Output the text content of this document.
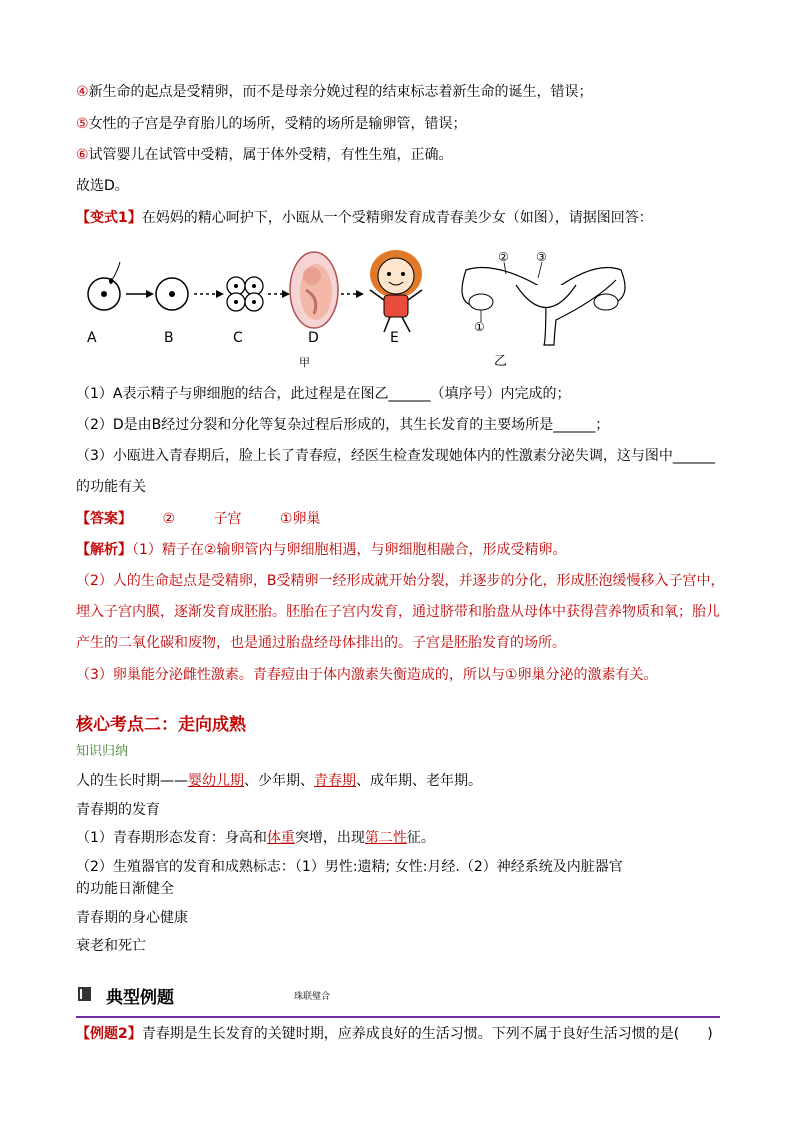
④新生命的起点是受精卵，而不是母亲分娩过程的结束标志着新生命的诞生，错误；
⑤女性的子宫是孕育胎儿的场所，受精的场所是输卵管，错误；
⑥试管婴儿在试管中受精，属于体外受精，有性生殖，正确。
故选D。
【变式1】在妈妈的精心呵护下，小瓯从一个受精卵发育成青春美少女（如图），请据图回答：
A	B	C	D	E
甲	乙
①
② ③
（1）A表示精子与卵细胞的结合，此过程是在图乙______（填序号）内完成的；
（2）D是由B经过分裂和分化等复杂过程后形成的，其生长发育的主要场所是______；
（3）小瓯进入青春期后，脸上长了青春痘，经医生检查发现她体内的性激素分泌失调，这与图中______
的功能有关
【答案】 ②	子宫	①卵巢
【解析】（1）精子在②输卵管内与卵细胞相遇，与卵细胞相融合，形成受精卵。
（2）人的生命起点是受精卵，B受精卵一经形成就开始分裂，并逐步的分化，形成胚泡缓慢移入子宫中，
埋入子宫内膜，逐渐发育成胚胎。胚胎在子宫内发育，通过脐带和胎盘从母体中获得营养物质和氧；胎儿
产生的二氧化碳和废物，也是通过胎盘经母体排出的。子宫是胚胎发育的场所。
（3）卵巢能分泌雌性激素。青春痘由于体内激素失衡造成的，所以与①卵巢分泌的激素有关。
核心考点二：走向成熟
知识归纳
人的生长时期——婴幼儿期、少年期、青春期、成年期、老年期。
青春期的发育
（1）青春期形态发育：身高和体重突增，出现第二性征。
（2）生殖器官的发育和成熟标志：（1）男性:遗精; 女性:月经.（2）神经系统及内脏器官
的功能日渐健全
青春期的身心健康
衰老和死亡
典型例题	珠联璧合
【例题2】青春期是生长发育的关键时期，应养成良好的生活习惯。下列不属于良好生活习惯的是(　　)
